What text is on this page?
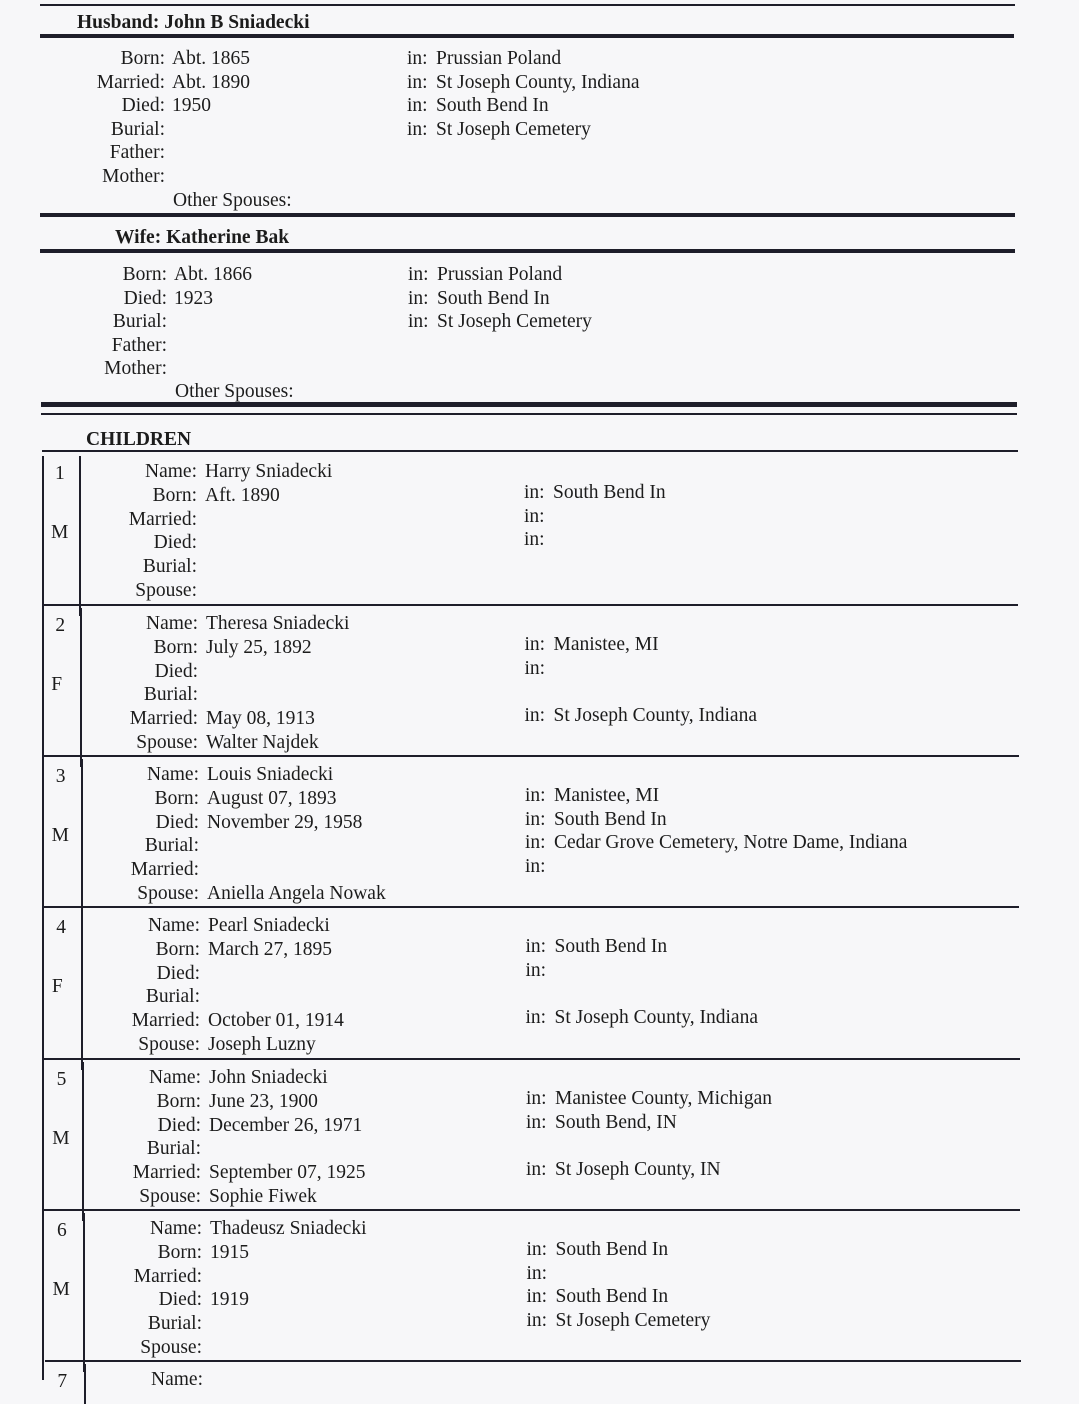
Husband: John B Sniadecki
Born: Abt. 1865	in: Prussian Poland
Married: Abt. 1890	in: St Joseph County, Indiana
Died: 1950	in: South Bend In
Burial:	in: St Joseph Cemetery
Father:
Mother:
Other Spouses:
Wife: Katherine Bak
Born: Abt. 1866	in: Prussian Poland
Died: 1923	in: South Bend In
Burial:	in: St Joseph Cemetery
Father:
Mother:
Other Spouses:
CHILDREN
1
M
Name: Harry Sniadecki
Born: Aft. 1890	in: South Bend In
Married:	in:
Died:	in:
Burial:
Spouse:
2
F
Name: Theresa Sniadecki
Born: July 25, 1892	in: Manistee, MI
Died:	in:
Burial:
Married: May 08, 1913	in: St Joseph County, Indiana
Spouse: Walter Najdek
3
M
Name: Louis Sniadecki
Born: August 07, 1893	in: Manistee, MI
Died: November 29, 1958	in: South Bend In
Burial:	in: Cedar Grove Cemetery, Notre Dame, Indiana
Married:	in:
Spouse: Aniella Angela Nowak
4
F
Name: Pearl Sniadecki
Born: March 27, 1895	in: South Bend In
Died:	in:
Burial:
Married: October 01, 1914	in: St Joseph County, Indiana
Spouse: Joseph Luzny
5
M
Name: John Sniadecki
Born: June 23, 1900	in: Manistee County, Michigan
Died: December 26, 1971	in: South Bend, IN
Burial:
Married: September 07, 1925	in: St Joseph County, IN
Spouse: Sophie Fiwek
6
M
Name: Thadeusz Sniadecki
Born: 1915	in: South Bend In
Married:	in:
Died: 1919	in: South Bend In
Burial:	in: St Joseph Cemetery
Spouse:
7	Name:
